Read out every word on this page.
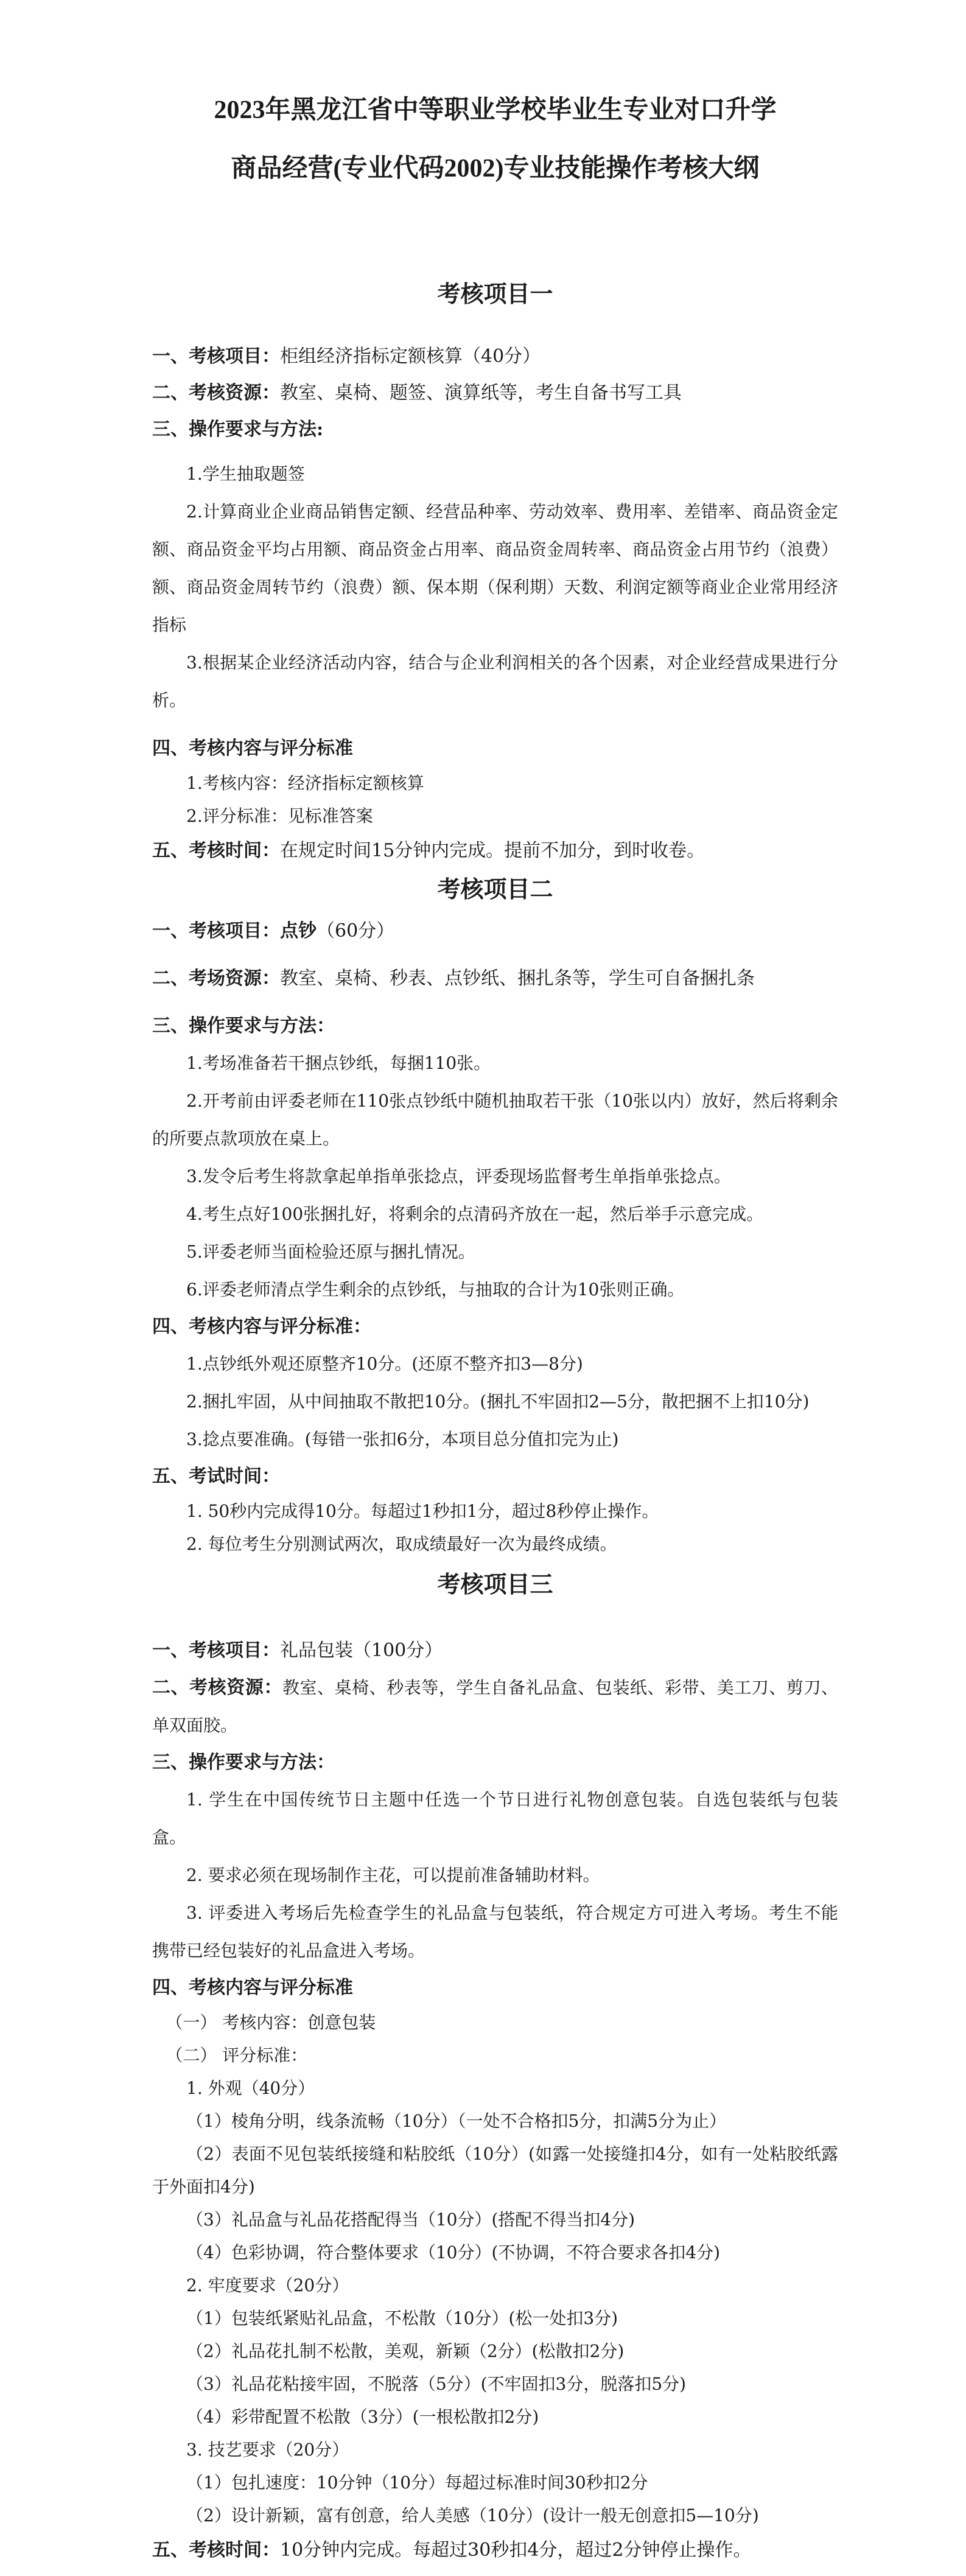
2023年黑龙江省中等职业学校毕业生专业对口升学
商品经营(专业代码2002)专业技能操作考核大纲
考核项目一

一、考核项目：柜组经济指标定额核算（40分）

二、考核资源：教室、桌椅、题签、演算纸等，考生自备书写工具

三、操作要求与方法:

1.学生抽取题签

2.计算商业企业商品销售定额、经营品种率、劳动效率、费用率、差错率、商品资金定额、商品资金平均占用额、商品资金占用率、商品资金周转率、商品资金占用节约（浪费）额、商品资金周转节约（浪费）额、保本期（保利期）天数、利润定额等商业企业常用经济指标

3.根据某企业经济活动内容，结合与企业利润相关的各个因素，对企业经营成果进行分析。

四、考核内容与评分标准

1.考核内容：经济指标定额核算

2.评分标准：见标准答案

五、考核时间：在规定时间15分钟内完成。提前不加分，到时收卷。

考核项目二

一、考核项目：点钞（60分）

二、考场资源：教室、桌椅、秒表、点钞纸、捆扎条等，学生可自备捆扎条

三、操作要求与方法：

1.考场准备若干捆点钞纸，每捆110张。

2.开考前由评委老师在110张点钞纸中随机抽取若干张（10张以内）放好，然后将剩余的所要点款项放在桌上。

3.发令后考生将款拿起单指单张捻点，评委现场监督考生单指单张捻点。

4.考生点好100张捆扎好，将剩余的点清码齐放在一起，然后举手示意完成。

5.评委老师当面检验还原与捆扎情况。

6.评委老师清点学生剩余的点钞纸，与抽取的合计为10张则正确。

四、考核内容与评分标准：

1.点钞纸外观还原整齐10分。(还原不整齐扣3—8分)

2.捆扎牢固，从中间抽取不散把10分。(捆扎不牢固扣2—5分，散把捆不上扣10分)

3.捻点要准确。(每错一张扣6分，本项目总分值扣完为止)

五、考试时间：

1. 50秒内完成得10分。每超过1秒扣1分，超过8秒停止操作。

2. 每位考生分别测试两次，取成绩最好一次为最终成绩。

考核项目三

一、考核项目：礼品包装（100分）

二、考核资源：教室、桌椅、秒表等，学生自备礼品盒、包装纸、彩带、美工刀、剪刀、单双面胶。

三、操作要求与方法：

1. 学生在中国传统节日主题中任选一个节日进行礼物创意包装。自选包装纸与包装盒。

2. 要求必须在现场制作主花，可以提前准备辅助材料。

3. 评委进入考场后先检查学生的礼品盒与包装纸，符合规定方可进入考场。考生不能携带已经包装好的礼品盒进入考场。

四、考核内容与评分标准

（一） 考核内容：创意包装

（二） 评分标准：

1. 外观（40分）

（1）棱角分明，线条流畅（10分）（一处不合格扣5分，扣满5分为止）

（2）表面不见包装纸接缝和粘胶纸（10分）(如露一处接缝扣4分，如有一处粘胶纸露于外面扣4分)

（3）礼品盒与礼品花搭配得当（10分）(搭配不得当扣4分)

（4）色彩协调，符合整体要求（10分）(不协调，不符合要求各扣4分)

2. 牢度要求（20分）

（1）包装纸紧贴礼品盒，不松散（10分）(松一处扣3分)

（2）礼品花扎制不松散，美观，新颖（2分）(松散扣2分)

（3）礼品花粘接牢固，不脱落（5分）(不牢固扣3分，脱落扣5分)

（4）彩带配置不松散（3分）(一根松散扣2分)

3. 技艺要求（20分）

（1）包扎速度：10分钟（10分）每超过标准时间30秒扣2分

（2）设计新颖，富有创意，给人美感（10分）(设计一般无创意扣5—10分)

五、考核时间：10分钟内完成。每超过30秒扣4分，超过2分钟停止操作。
